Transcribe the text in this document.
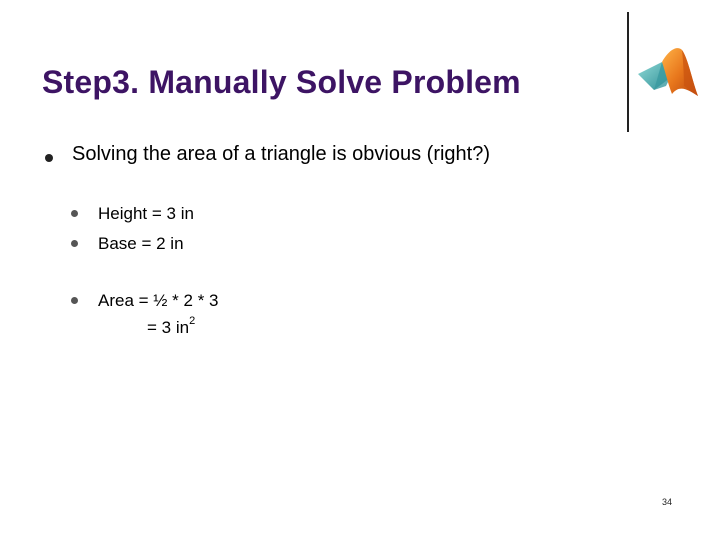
Step3. Manually Solve Problem
Solving the area of a triangle is obvious (right?)
Height = 3 in
Base = 2 in
Area = ½ * 2 * 3
= 3 $in^2$
34
